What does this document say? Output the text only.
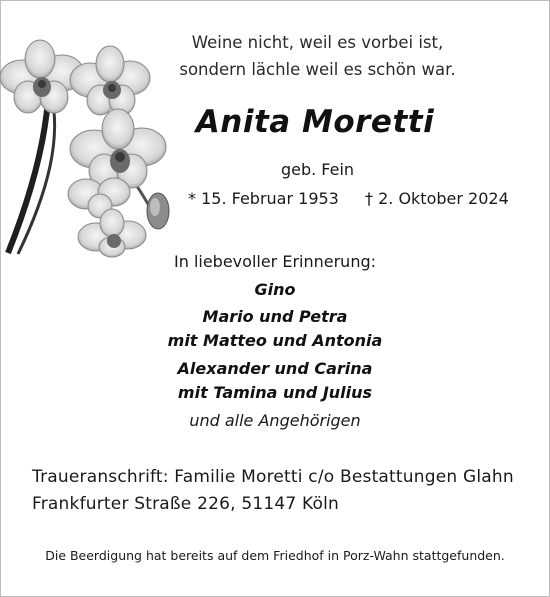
Weine nicht, weil es vorbei ist,
sondern lächle weil es schön war.
Anita Moretti
geb. Fein
* 15. Februar 1953 † 2. Oktober 2024
In liebevoller Erinnerung:
Gino
Mario und Petra
mit Matteo und Antonia
Alexander und Carina
mit Tamina und Julius
und alle Angehörigen
Traueranschrift: Familie Moretti c/o Bestattungen Glahn
Frankfurter Straße 226, 51147 Köln
Die Beerdigung hat bereits auf dem Friedhof in Porz-Wahn stattgefunden.
